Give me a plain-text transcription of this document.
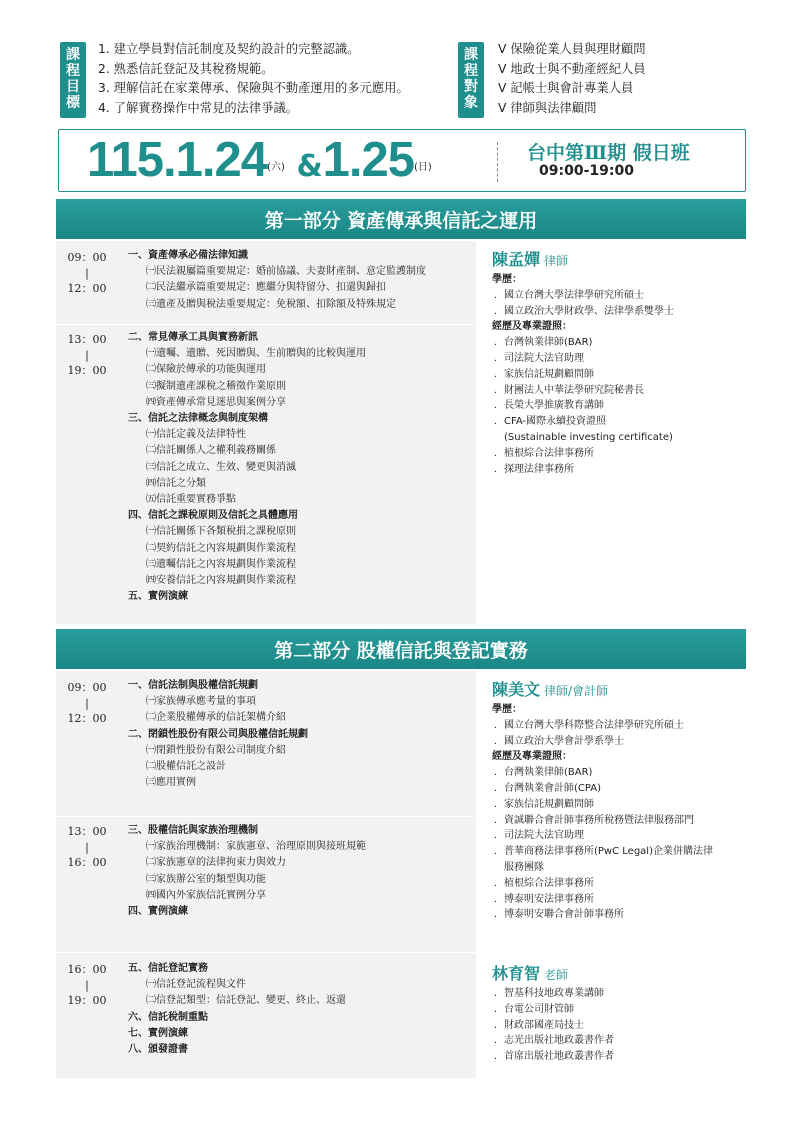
課
程
目
標
1. 建立學員對信託制度及契約設計的完整認識。
2. 熟悉信託登記及其稅務規範。
3. 理解信託在家業傳承、保險與不動產運用的多元應用。
4. 了解實務操作中常見的法律爭議。
課
程
對
象
V 保險從業人員與理財顧問
V 地政士與不動產經紀人員
V 記帳士與會計專業人員
V 律師與法律顧問
$115.1.24^{(六)}$ $\&1.25^{(日)}$
台中第Ⅲ期 假日班
09:00-19:00
第一部分 資產傳承與信託之運用
09：00
|
12：00
一、資產傳承必備法律知識
㈠民法親屬篇重要規定：婚前協議、夫妻財產制、意定監護制度
㈡民法繼承篇重要規定：應繼分與特留分、扣還與歸扣
㈢遺產及贈與稅法重要規定：免稅額、扣除額及特殊規定
13：00
|
19：00
二、常見傳承工具與實務新訊
㈠遺囑、遺贈、死因贈與、生前贈與的比較與運用
㈡保險於傳承的功能與運用
㈢擬制遺產課稅之稽徵作業原則
㈣資產傳承常見迷思與案例分享
三、信託之法律概念與制度架構
㈠信託定義及法律特性
㈡信託關係人之權利義務關係
㈢信託之成立、生效、變更與消滅
㈣信託之分類
㈤信託重要實務爭點
四、信託之課稅原則及信託之具體應用
㈠信託關係下各類稅捐之課稅原則
㈡契約信託之內容規劃與作業流程
㈢遺囑信託之內容規劃與作業流程
㈣安養信託之內容規劃與作業流程
五、實例演練
陳孟嬋 律師
學歷：
．國立台灣大學法律學研究所碩士
．國立政治大學財政學、法律學系雙學士
經歷及專業證照：
．台灣執業律師(BAR)
．司法院大法官助理
．家族信託規劃顧問師
．財團法人中華法學研究院秘書長
．長榮大學推廣教育講師
．CFA-國際永續投資證照
(Sustainable investing certificate)
．植根綜合法律事務所
．探理法律事務所
第二部分 股權信託與登記實務
09：00
|
12：00
一、信託法制與股權信託規劃
㈠家族傳承應考量的事項
㈡企業股權傳承的信託架構介紹
二、閉鎖性股份有限公司與股權信託規劃
㈠閉鎖性股份有限公司制度介紹
㈡股權信託之設計
㈢應用實例
13：00
|
16：00
三、股權信託與家族治理機制
㈠家族治理機制：家族憲章、治理原則與接班規範
㈡家族憲章的法律拘束力與效力
㈢家族辦公室的類型與功能
㈣國內外家族信託實例分享
四、實例演練
16：00
|
19：00
五、信託登記實務
㈠信託登記流程與文件
㈡信登記類型：信託登記、變更、終止、返還
六、信託稅制重點
七、實例演練
八、頒發證書
陳美文 律師/會計師
學歷：
．國立台灣大學科際整合法律學研究所碩士
．國立政治大學會計學系學士
經歷及專業證照：
．台灣執業律師(BAR)
．台灣執業會計師(CPA)
．家族信託規劃顧問師
．資誠聯合會計師事務所稅務暨法律服務部門
．司法院大法官助理
．普華商務法律事務所(PwC Legal)企業併購法律
服務團隊
．植根綜合法律事務所
．博泰明安法律事務所
．博泰明安聯合會計師事務所
林育智 老師
．智基科技地政專業講師
．台電公司財管師
．財政部國產局技士
．志光出版社地政叢書作者
．首席出版社地政叢書作者
